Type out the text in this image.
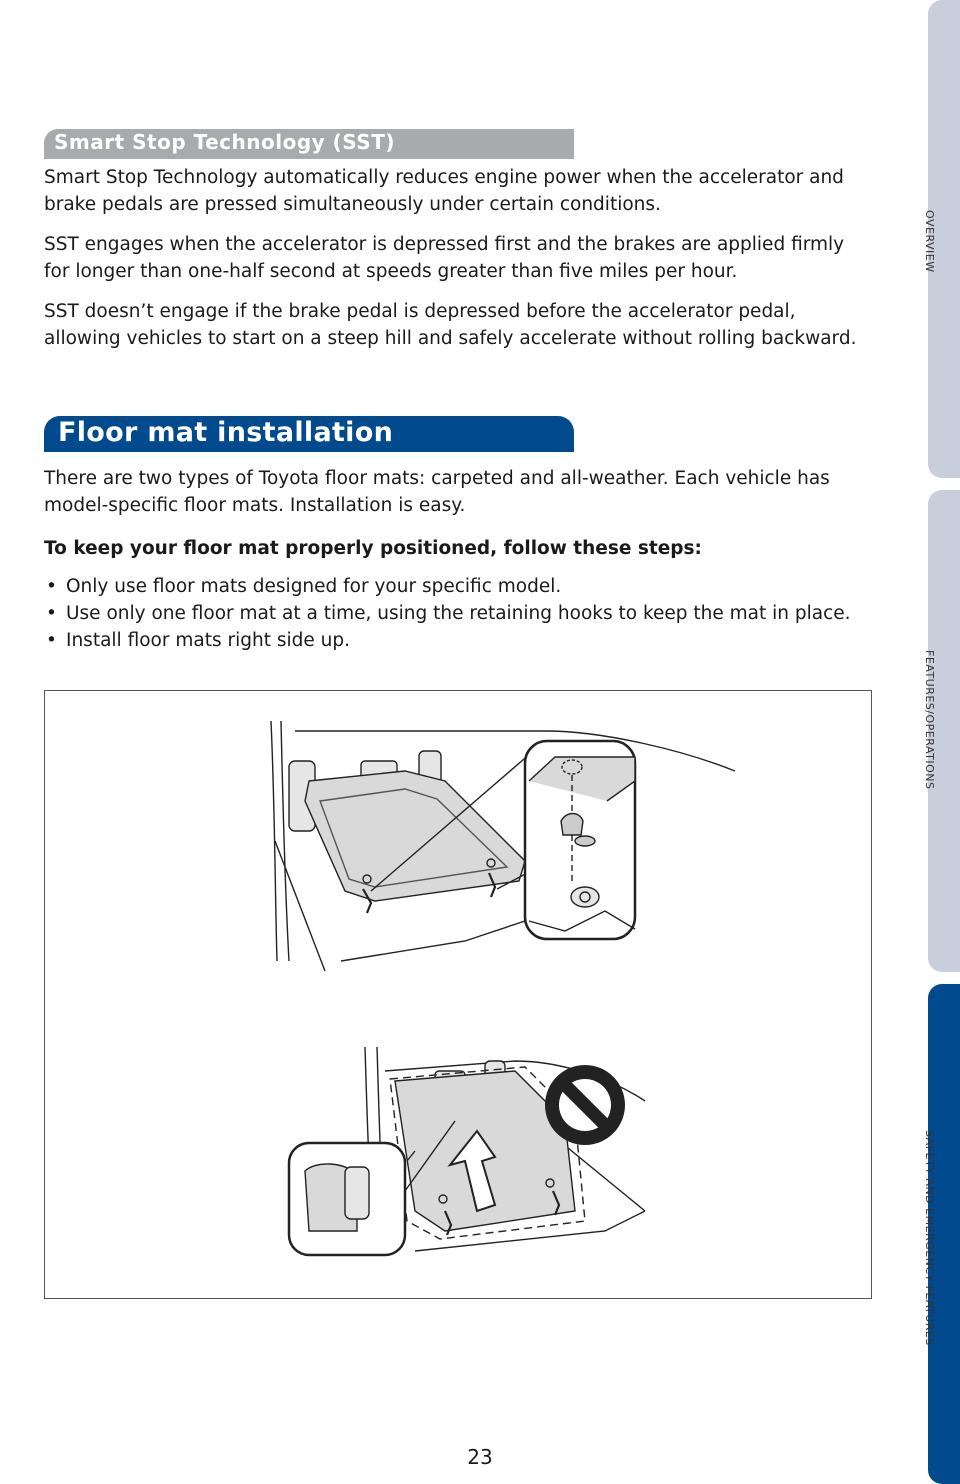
Smart Stop Technology (SST)

Smart Stop Technology automatically reduces engine power when the accelerator and brake pedals are pressed simultaneously under certain conditions.

SST engages when the accelerator is depressed first and the brakes are applied firmly for longer than one-half second at speeds greater than five miles per hour.

SST doesn’t engage if the brake pedal is depressed before the accelerator pedal, allowing vehicles to start on a steep hill and safely accelerate without rolling backward.

Floor mat installation

There are two types of Toyota floor mats: carpeted and all-weather. Each vehicle has model-specific floor mats. Installation is easy.

To keep your floor mat properly positioned, follow these steps:

• Only use floor mats designed for your specific model.
• Use only one floor mat at a time, using the retaining hooks to keep the mat in place.
• Install floor mats right side up.
OVERVIEW
FEATURES/OPERATIONS
SAFETY AND EMERGENCY FEATURES
23
